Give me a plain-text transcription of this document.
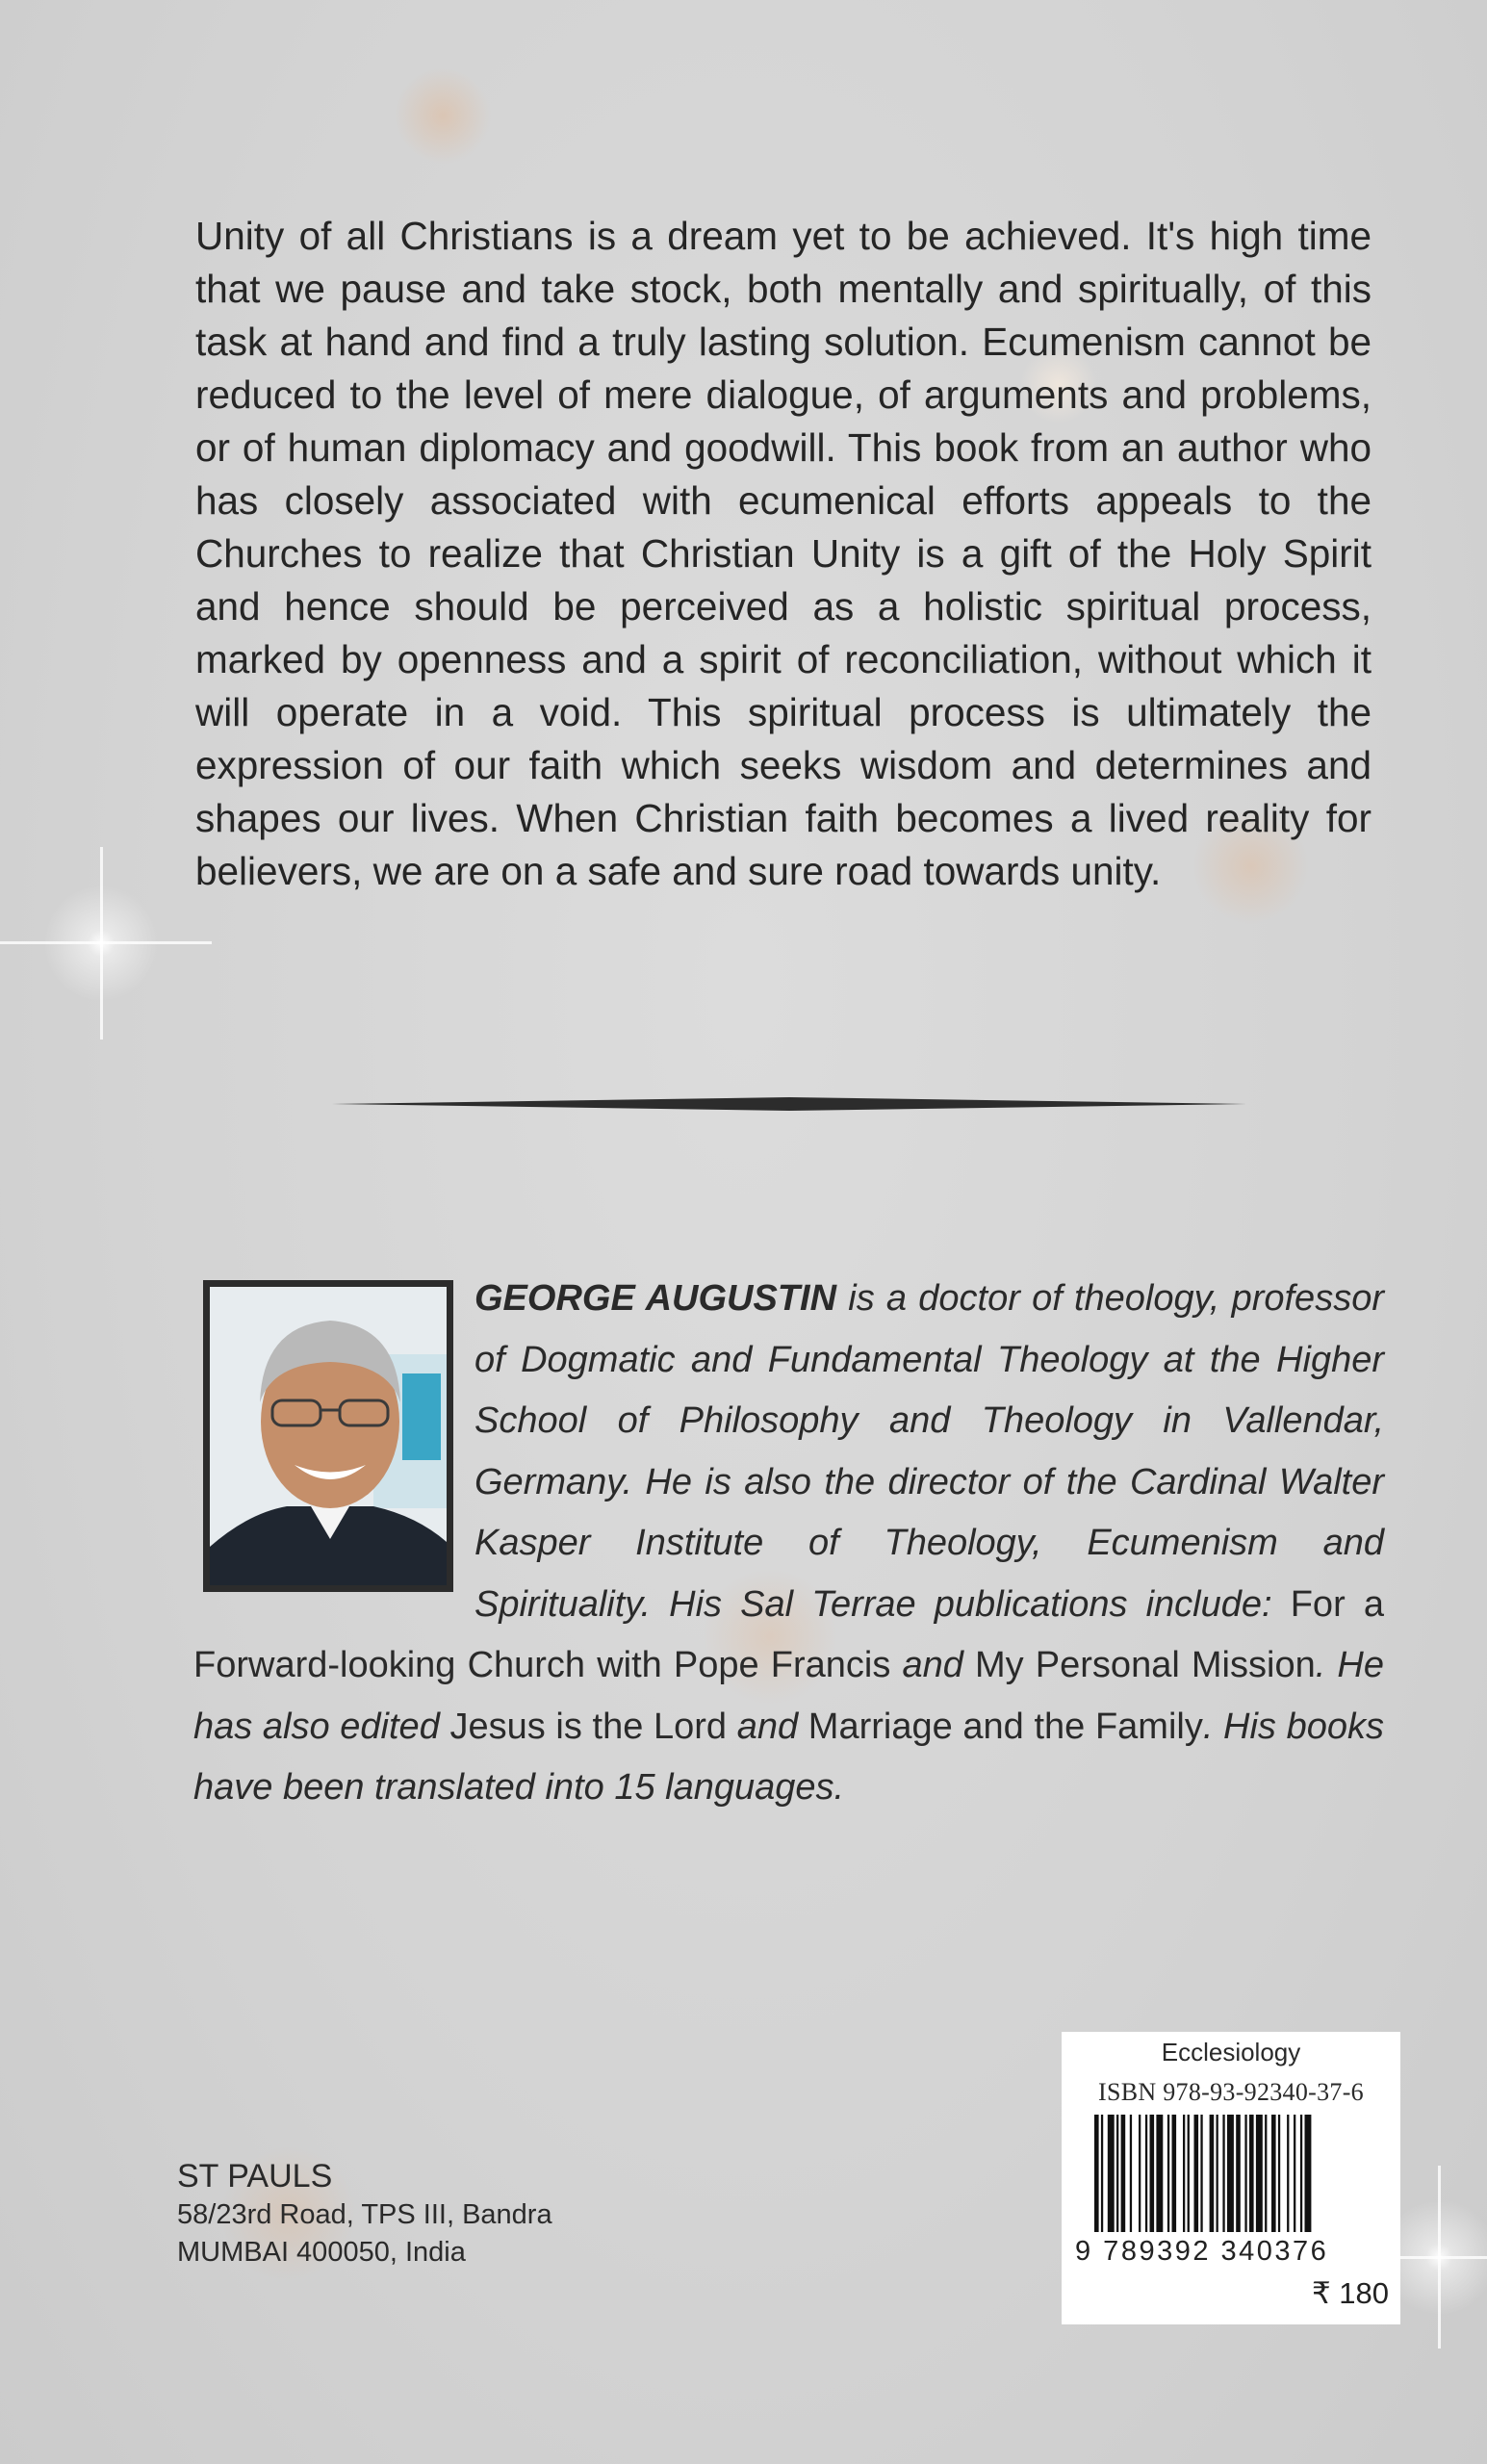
Unity of all Christians is a dream yet to be achieved. It's high time that we pause and take stock, both mentally and spiritually, of this task at hand and find a truly lasting solution. Ecumenism cannot be reduced to the level of mere dialogue, of arguments and problems, or of human diplomacy and goodwill. This book from an author who has closely associated with ecumenical efforts appeals to the Churches to realize that Christian Unity is a gift of the Holy Spirit and hence should be perceived as a holistic spiritual process, marked by openness and a spirit of reconciliation, without which it will operate in a void. This spiritual process is ultimately the expression of our faith which seeks wisdom and determines and shapes our lives. When Christian faith becomes a lived reality for believers, we are on a safe and sure road towards unity.

GEORGE AUGUSTIN is a doctor of theology, professor of Dogmatic and Fundamental Theology at the Higher School of Philosophy and Theology in Vallendar, Germany. He is also the director of the Cardinal Walter Kasper Institute of Theology, Ecumenism and Spirituality. His Sal Terrae publications include: For a Forward-looking Church with Pope Francis and My Personal Mission. He has also edited Jesus is the Lord and Marriage and the Family. His books have been translated into 15 languages.

ST PAULS
58/23rd Road, TPS III, Bandra
MUMBAI 400050, India
Ecclesiology
ISBN 978-93-92340-37-6
9 789392 340376
₹ 180
